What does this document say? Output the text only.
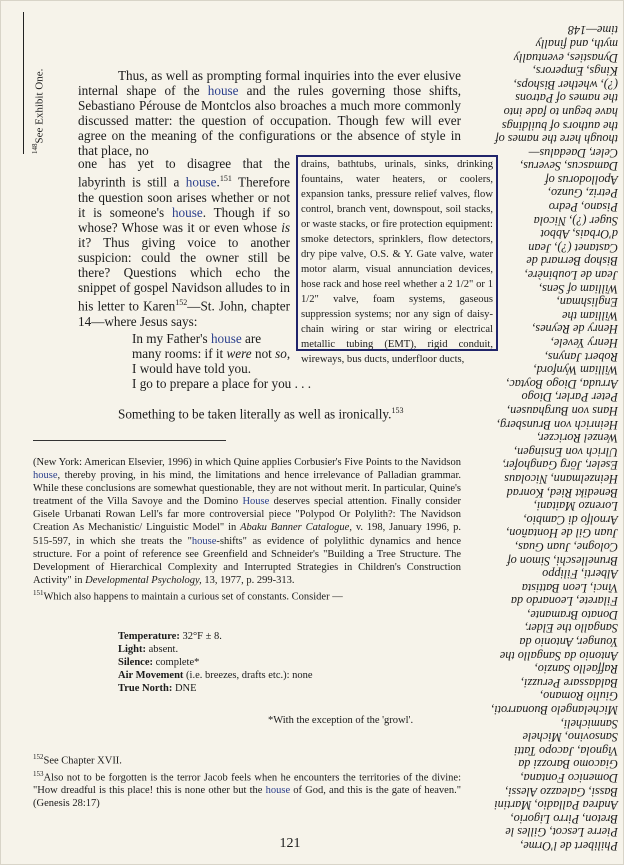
$^{148}$See Exhibit One.
Philibert de l'Orme,
Pierre Lescot, Gilles le
Breton, Pirro Ligorio,
Andrea Palladio, Martini
Bassi, Galeazzo Alessi,
Domenico Fontana,
Giacomo Barozzi da
Vignola, Jacopo Tatti
Sansovino, Michele
Sanmicheli,
Michelangelo Buonarroti,
Giulio Romano,
Baldassare Peruzzi,
Raffaello Sanzio,
Antonio da Sangallo the
Younger, Antonio da
Sangallo the Elder,
Donato Bramante,
Filarete, Leonardo da
Vinci, Leon Battista
Alberti, Filippo
Brunelleschi, Simon of
Cologne, Juan Guas,
Juan Gil de Hontañon,
Arnolfo di Cambio,
Lorenzo Maitani,
Benedikt Ried, Konrad
Heinzelmann, Nicolaus
Eseler, Jörg Ganghofer,
Ulrich von Ensingen,
Wenzel Roriczer,
Heinrich von Brunsberg,
Hans von Burghausen,
Peter Parler, Diogo
Arruda, Diogo Boytac,
William Wynford,
Robert Janyns,
Henry Yevele,
Henry de Reynes,
William the
Englishman,
William of Sens,
Jean de Loubinère,
Bishop Bernard de
Castanet (?), Jean
d'Orbais, Abbot
Suger (?), Nicola
Pisano, Pedro
Petriz, Gunzo,
Apollodorus of
Damascus, Severus,
Celer, Daedalus—
though here the names of
the authors of buildings
have begun to fade into
the names of Patrons
(?), whether Bishops,
Kings, Emperors,
Dynasties, eventually
myth, and finally
time—148

Thus, as well as prompting formal inquiries into the ever elusive internal shape of the house and the rules governing those shifts, Sebastiano Pérouse de Montclos also broaches a much more commonly discussed matter: the question of occupation. Though few will ever agree on the meaning of the configurations or the absence of style in that place, no

one has yet to disagree that the labyrinth is still a house.$^{151}$ Therefore the question soon arises whether or not it is someone's house. Though if so whose? Whose was it or even whose is it? Thus giving voice to another suspicion: could the owner still be there? Questions which echo the snippet of gospel Navidson alludes to in his letter to Karen$^{152}$—St. John, chapter 14—where Jesus says:
drains, bathtubs, urinals, sinks, drinking fountains, water heaters, or coolers, expansion tanks, pressure relief valves, flow control, branch vent, downspout, soil stacks, or waste stacks, or fire protection equipment: smoke detectors, sprinklers, flow detectors, dry pipe valve, O.S. & Y. Gate valve, water motor alarm, visual annunciation devices, hose rack and hose reel whether a 2 1/2" or 1 1/2" valve, foam systems, gaseous suppression systems; nor any sign of daisy-chain wiring or star wiring or electrical metallic tubing (EMT), rigid conduit, wireways, bus ducts, underfloor ducts,
In my Father's house are many rooms: if it were not so, I would have told you.
I go to prepare a place for you . . .
Something to be taken literally as well as ironically.$^{153}$

(New York: American Elsevier, 1996) in which Quine applies Corbusier's Five Points to the Navidson house, thereby proving, in his mind, the limitations and hence irrelevance of Palladian grammar. While these conclusions are somewhat questionable, they are not without merit. In particular, Quine's treatment of the Villa Savoye and the Domino House deserves special attention. Finally consider Gisele Urbanati Rowan Lell's far more controversial piece "Polypod Or Polylith?: The Navidson Creation As Mechanistic/ Linguistic Model" in Abaku Banner Catalogue, v. 198, January 1996, p. 515-597, in which she treats the "house-shifts" as evidence of polylithic dynamics and hence structure. For a point of reference see Greenfield and Schneider's "Building a Tree Structure. The Development of Hierarchical Complexity and Interrupted Strategies in Children's Construction Activity" in Developmental Psychology, 13, 1977, p. 299-313.

$^{151}$Which also happens to maintain a curious set of constants. Consider —

Temperature: 32°F ± 8.
Light: absent.
Silence: complete*
Air Movement (i.e. breezes, drafts etc.): none
True North: DNE
*With the exception of the 'growl'.
$^{152}$See Chapter XVII.
$^{153}$Also not to be forgotten is the terror Jacob feels when he encounters the territories of the divine: "How dreadful is this place! this is none other but the house of God, and this is the gate of heaven." (Genesis 28:17)
121
